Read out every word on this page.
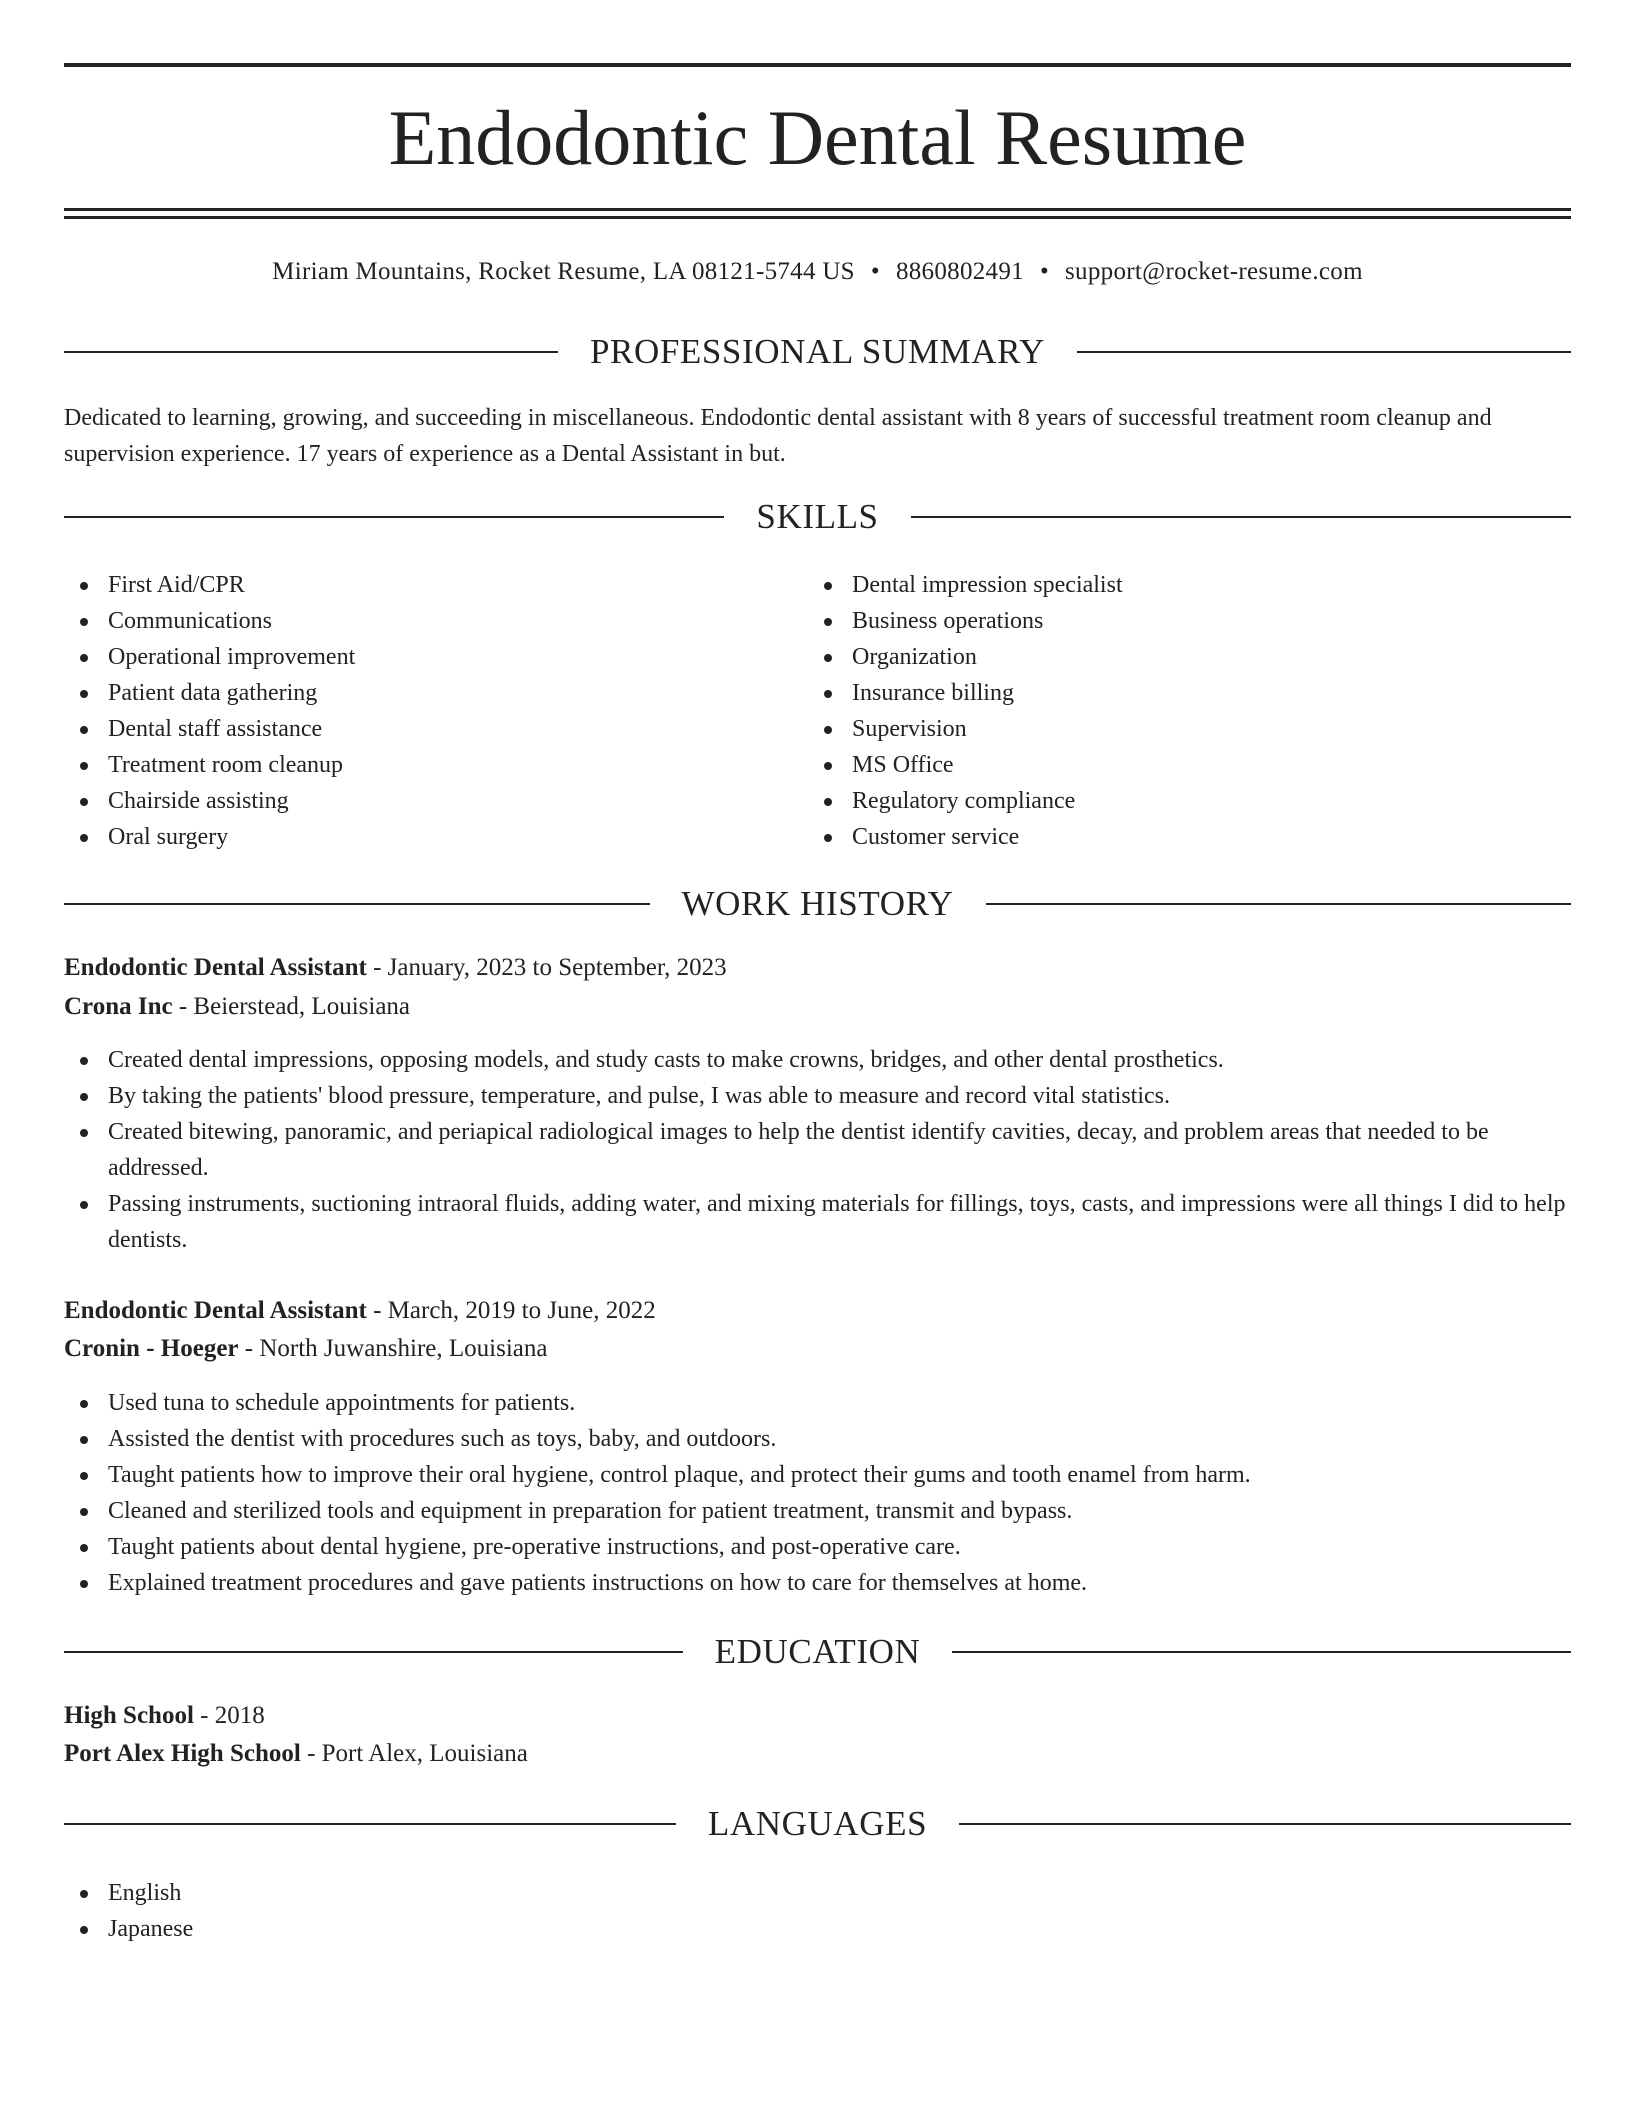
Endodontic Dental Resume
Miriam Mountains, Rocket Resume, LA 08121-5744 US • 8860802491 • support@rocket-resume.com
PROFESSIONAL SUMMARY

Dedicated to learning, growing, and succeeding in miscellaneous. Endodontic dental assistant with 8 years of successful treatment room cleanup and supervision experience. 17 years of experience as a Dental Assistant in but.

SKILLS
First Aid/CPR
Communications
Operational improvement
Patient data gathering
Dental staff assistance
Treatment room cleanup
Chairside assisting
Oral surgery
Dental impression specialist
Business operations
Organization
Insurance billing
Supervision
MS Office
Regulatory compliance
Customer service
WORK HISTORY
Endodontic Dental Assistant - January, 2023 to September, 2023
Crona Inc - Beierstead, Louisiana
Created dental impressions, opposing models, and study casts to make crowns, bridges, and other dental prosthetics.
By taking the patients' blood pressure, temperature, and pulse, I was able to measure and record vital statistics.
Created bitewing, panoramic, and periapical radiological images to help the dentist identify cavities, decay, and problem areas that needed to be addressed.
Passing instruments, suctioning intraoral fluids, adding water, and mixing materials for fillings, toys, casts, and impressions were all things I did to help dentists.
Endodontic Dental Assistant - March, 2019 to June, 2022
Cronin - Hoeger - North Juwanshire, Louisiana
Used tuna to schedule appointments for patients.
Assisted the dentist with procedures such as toys, baby, and outdoors.
Taught patients how to improve their oral hygiene, control plaque, and protect their gums and tooth enamel from harm.
Cleaned and sterilized tools and equipment in preparation for patient treatment, transmit and bypass.
Taught patients about dental hygiene, pre-operative instructions, and post-operative care.
Explained treatment procedures and gave patients instructions on how to care for themselves at home.
EDUCATION
High School - 2018
Port Alex High School - Port Alex, Louisiana
LANGUAGES
English
Japanese
